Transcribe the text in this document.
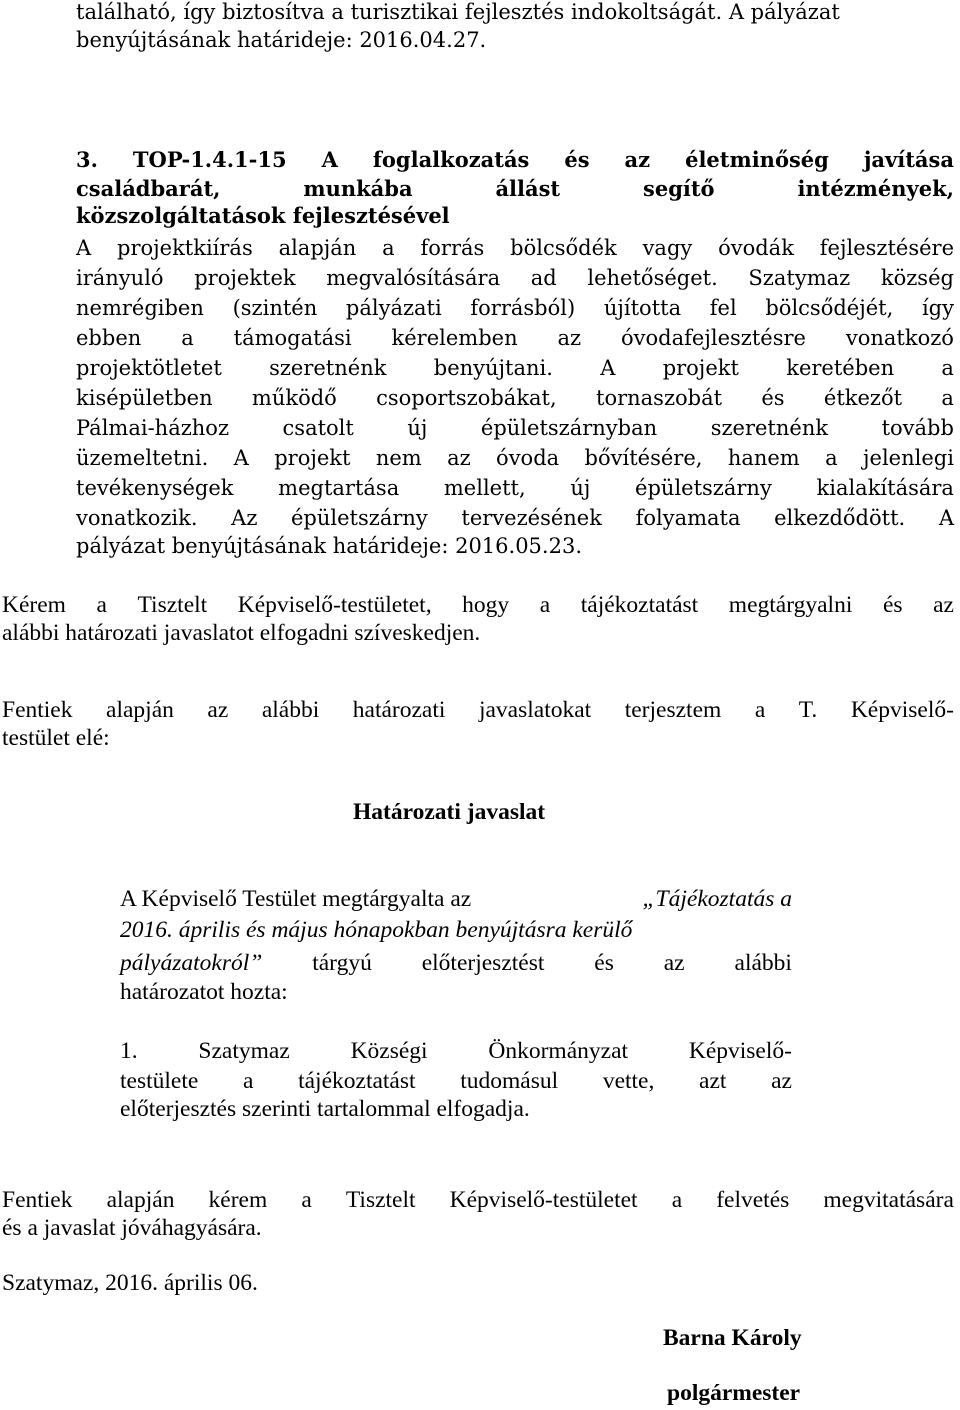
található, így biztosítva a turisztikai fejlesztés indokoltságát. A pályázat
benyújtásának határideje: 2016.04.27.
3. TOP-1.4.1-15 A foglalkozatás és az életminőség javítása
családbarát,	munkába	állást	segítő	intézmények,
közszolgáltatások fejlesztésével
A projektkiírás alapján a forrás bölcsődék vagy óvodák fejlesztésére
irányuló projektek megvalósítására ad lehetőséget. Szatymaz község
nemrégiben (szintén pályázati forrásból) újította fel bölcsődéjét, így
ebben a támogatási kérelemben az óvodafejlesztésre vonatkozó
projektötletet szeretnénk benyújtani. A projekt keretében a
kisépületben működő csoportszobákat, tornaszobát és étkezőt a
Pálmai-házhoz	csatolt	új	épületszárnyban	szeretnénk	tovább
üzemeltetni. A projekt nem az óvoda bővítésére, hanem a jelenlegi
tevékenységek megtartása mellett, új épületszárny kialakítására
vonatkozik. Az épületszárny tervezésének folyamata elkezdődött. A
pályázat benyújtásának határideje: 2016.05.23.
Kérem a Tisztelt Képviselő-testületet, hogy a tájékoztatást megtárgyalni és az
alábbi határozati javaslatot elfogadni szíveskedjen.
Fentiek alapján az alábbi határozati javaslatokat terjesztem a T. Képviselő-
testület elé:
Határozati javaslat
A Képviselő Testület megtárgyalta az	„Tájékoztatás a
2016. április és május hónapokban benyújtásra kerülő
pályázatokról” tárgyú előterjesztést és az alábbi
határozatot hozta:
1.	Szatymaz	Községi	Önkormányzat	Képviselő-
testülete a tájékoztatást tudomásul vette, azt az
előterjesztés szerinti tartalommal elfogadja.
Fentiek alapján kérem a Tisztelt Képviselő-testületet a felvetés megvitatására
és a javaslat jóváhagyására.
Szatymaz, 2016. április 06.
Barna Károly
polgármester
